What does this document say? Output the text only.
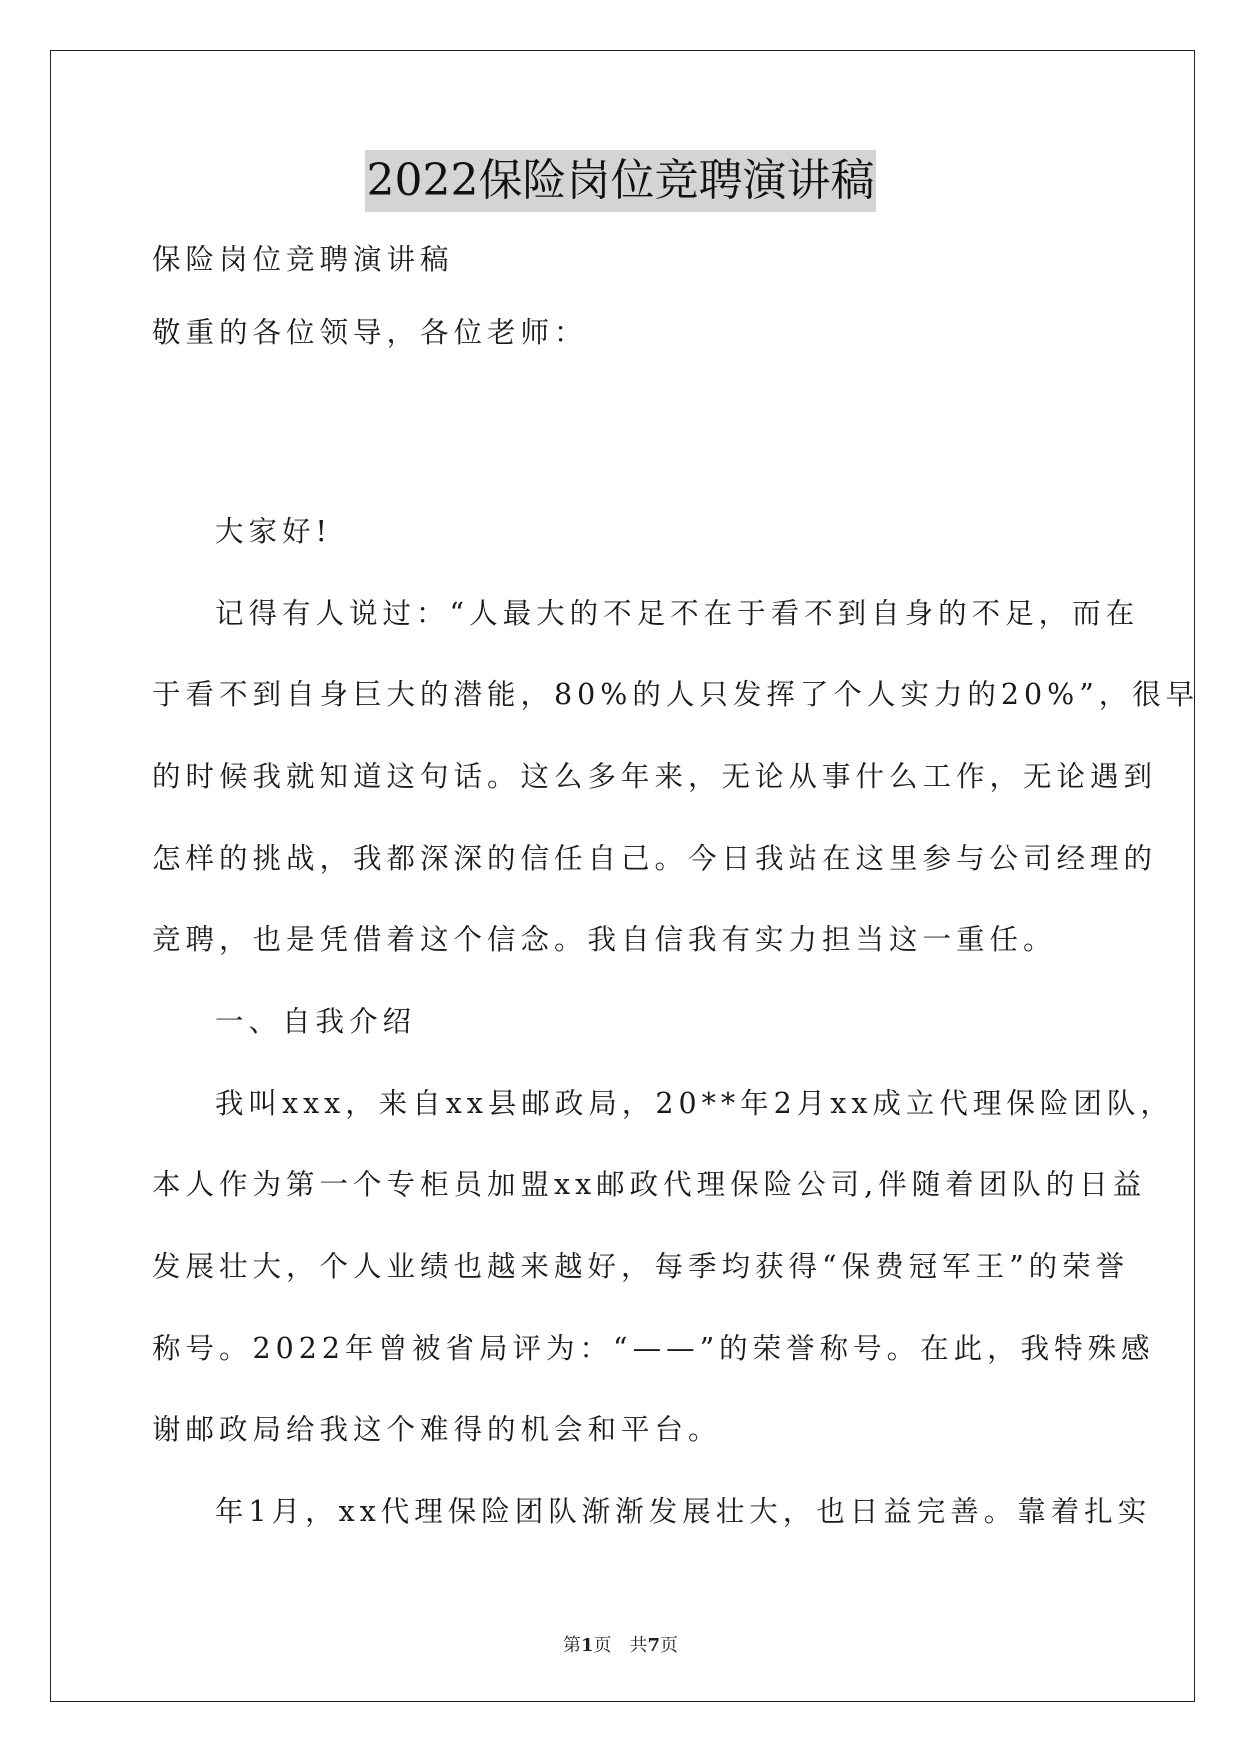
2022保险岗位竞聘演讲稿
保险岗位竞聘演讲稿
敬重的各位领导，各位老师：
大家好!
记得有人说过：“人最大的不足不在于看不到自身的不足，而在
于看不到自身巨大的潜能，80%的人只发挥了个人实力的20%”，很早
的时候我就知道这句话。这么多年来，无论从事什么工作，无论遇到
怎样的挑战，我都深深的信任自己。今日我站在这里参与公司经理的
竞聘，也是凭借着这个信念。我自信我有实力担当这一重任。
一、自我介绍
我叫xxx，来自xx县邮政局，20**年2月xx成立代理保险团队，
本人作为第一个专柜员加盟xx邮政代理保险公司,伴随着团队的日益
发展壮大，个人业绩也越来越好，每季均获得“保费冠军王”的荣誉
称号。2022年曾被省局评为：“——”的荣誉称号。在此，我特殊感
谢邮政局给我这个难得的机会和平台。
年1月，xx代理保险团队渐渐发展壮大，也日益完善。靠着扎实
第1页　共7页
